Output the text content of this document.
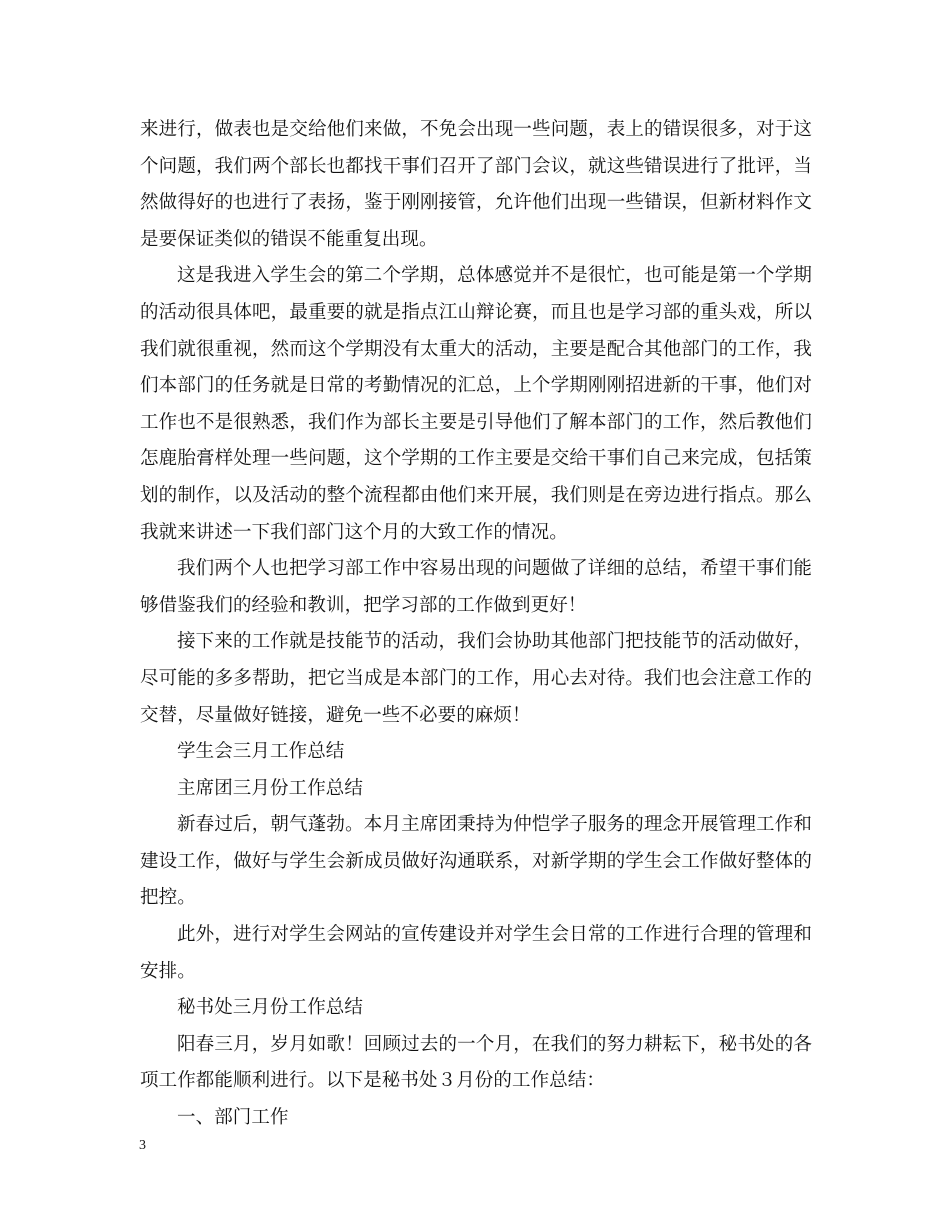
来进行，做表也是交给他们来做，不免会出现一些问题，表上的错误很多，对于这
个问题，我们两个部长也都找干事们召开了部门会议，就这些错误进行了批评，当
然做得好的也进行了表扬，鉴于刚刚接管，允许他们出现一些错误，但新材料作文
是要保证类似的错误不能重复出现。
这是我进入学生会的第二个学期，总体感觉并不是很忙，也可能是第一个学期
的活动很具体吧，最重要的就是指点江山辩论赛，而且也是学习部的重头戏，所以
我们就很重视，然而这个学期没有太重大的活动，主要是配合其他部门的工作，我
们本部门的任务就是日常的考勤情况的汇总，上个学期刚刚招进新的干事，他们对
工作也不是很熟悉，我们作为部长主要是引导他们了解本部门的工作，然后教他们
怎鹿胎膏样处理一些问题，这个学期的工作主要是交给干事们自己来完成，包括策
划的制作，以及活动的整个流程都由他们来开展，我们则是在旁边进行指点。那么
我就来讲述一下我们部门这个月的大致工作的情况。
我们两个人也把学习部工作中容易出现的问题做了详细的总结，希望干事们能
够借鉴我们的经验和教训，把学习部的工作做到更好！
接下来的工作就是技能节的活动，我们会协助其他部门把技能节的活动做好，
尽可能的多多帮助，把它当成是本部门的工作，用心去对待。我们也会注意工作的
交替，尽量做好链接，避免一些不必要的麻烦！
学生会三月工作总结
主席团三月份工作总结
新春过后，朝气蓬勃。本月主席团秉持为仲恺学子服务的理念开展管理工作和
建设工作，做好与学生会新成员做好沟通联系，对新学期的学生会工作做好整体的
把控。
此外，进行对学生会网站的宣传建设并对学生会日常的工作进行合理的管理和
安排。
秘书处三月份工作总结
阳春三月，岁月如歌！回顾过去的一个月，在我们的努力耕耘下，秘书处的各
项工作都能顺利进行。以下是秘书处３月份的工作总结：
一、部门工作
3
